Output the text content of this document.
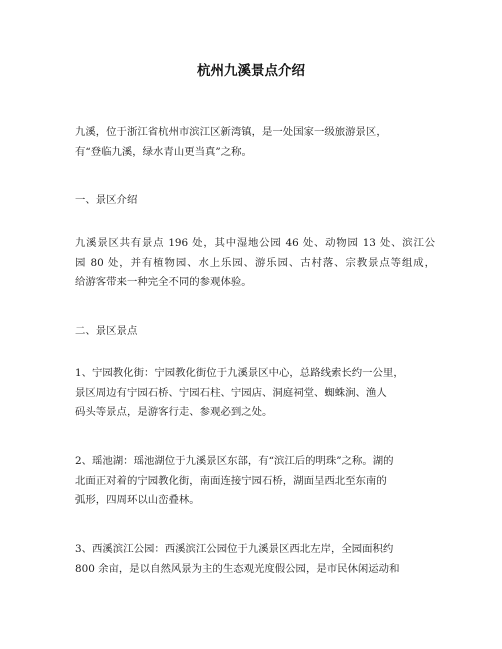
杭州九溪景点介绍
九溪，位于浙江省杭州市滨江区新湾镇，是一处国家一级旅游景区，
有“登临九溪，绿水青山更当真”之称。
一、景区介绍
九溪景区共有景点 196 处，其中湿地公园 46 处、动物园 13 处、滨江公
园 80 处，并有植物园、水上乐园、游乐园、古村落、宗教景点等组成，
给游客带来一种完全不同的参观体验。
二、景区景点
1、宁园教化街：宁园教化街位于九溪景区中心，总路线索长约一公里，
景区周边有宁园石桥、宁园石柱、宁园店、洞庭祠堂、蜘蛛涧、渔人
码头等景点，是游客行走、参观必到之处。
2、瑶池湖：瑶池湖位于九溪景区东部，有“滨江后的明珠”之称。湖的
北面正对着的宁园教化街，南面连接宁园石桥，湖面呈西北至东南的
弧形，四周环以山峦叠林。
3、西溪滨江公园：西溪滨江公园位于九溪景区西北左岸，全园面积约
800 余亩，是以自然风景为主的生态观光度假公园，是市民休闲运动和
